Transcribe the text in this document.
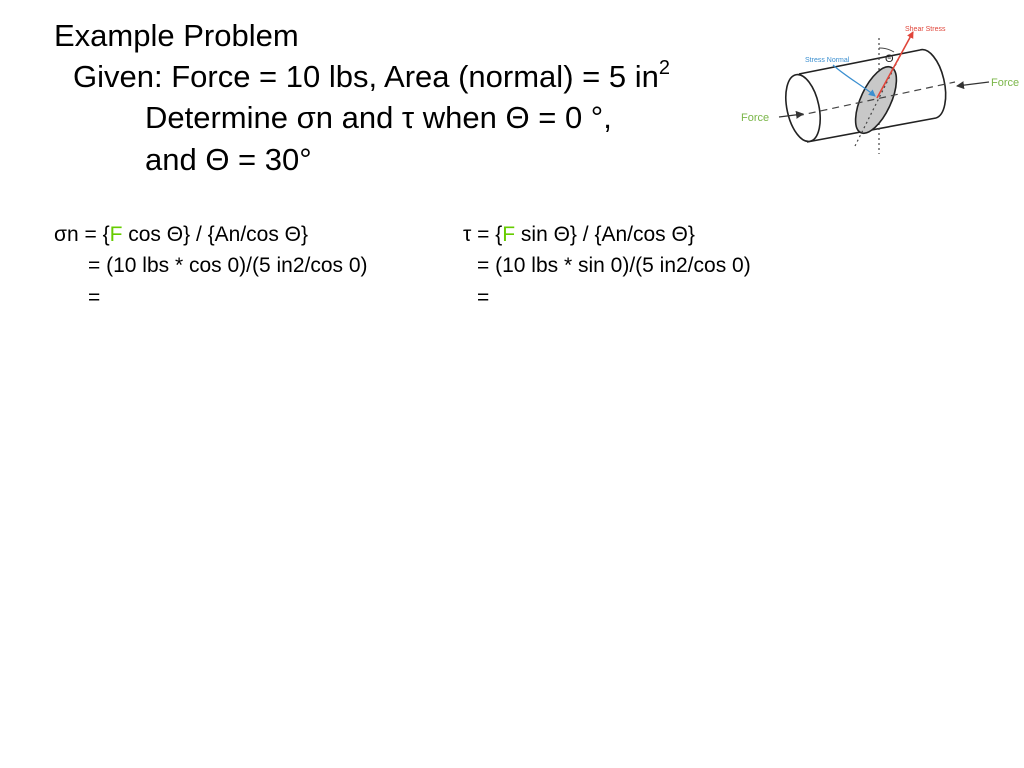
Example Problem
Given: Force = 10 lbs, Area (normal) = 5 $in^2$
Determine σn and τ when Θ = 0 °,
and Θ = 30°
σn = {F cos Θ} / {An/cos Θ}
= (10 lbs * cos 0)/(5 in2/cos 0)
=
τ = {F sin Θ} / {An/cos Θ}
= (10 lbs * sin 0)/(5 in2/cos 0)
=
Θ
Shear Stress
Stress Normal
Force
Force
